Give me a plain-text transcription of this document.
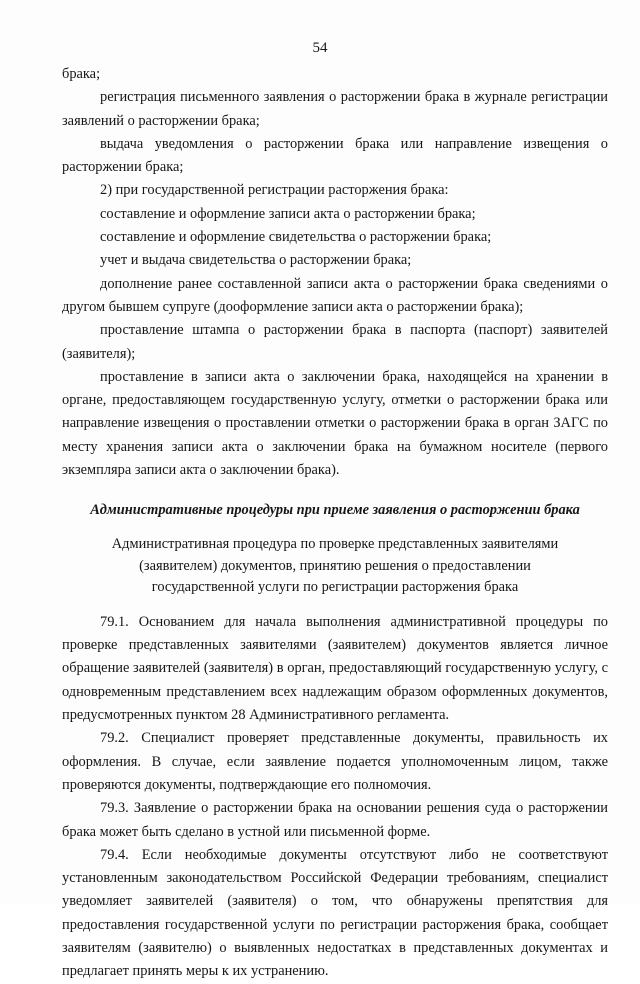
54

брака;

регистрация письменного заявления о расторжении брака в журнале регистрации заявлений о расторжении брака;

выдача уведомления о расторжении брака или направление извещения о расторжении брака;

2) при государственной регистрации расторжения брака:

составление и оформление записи акта о расторжении брака;

составление и оформление свидетельства о расторжении брака;

учет и выдача свидетельства о расторжении брака;

дополнение ранее составленной записи акта о расторжении брака сведениями о другом бывшем супруге (дооформление записи акта о расторжении брака);

проставление штампа о расторжении брака в паспорта (паспорт) заявителей (заявителя);

проставление в записи акта о заключении брака, находящейся на хранении в органе, предоставляющем государственную услугу, отметки о расторжении брака или направление извещения о проставлении отметки о расторжении брака в орган ЗАГС по месту хранения записи акта о заключении брака на бумажном носителе (первого экземпляра записи акта о заключении брака).

Административные процедуры при приеме заявления о расторжении брака

Административная процедура по проверке представленных заявителями (заявителем) документов, принятию решения о предоставлении государственной услуги по регистрации расторжения брака

79.1. Основанием для начала выполнения административной процедуры по проверке представленных заявителями (заявителем) документов является личное обращение заявителей (заявителя) в орган, предоставляющий государственную услугу, с одновременным представлением всех надлежащим образом оформленных документов, предусмотренных пунктом 28 Административного регламента.

79.2. Специалист проверяет представленные документы, правильность их оформления. В случае, если заявление подается уполномоченным лицом, также проверяются документы, подтверждающие его полномочия.

79.3. Заявление о расторжении брака на основании решения суда о расторжении брака может быть сделано в устной или письменной форме.

79.4. Если необходимые документы отсутствуют либо не соответствуют установленным законодательством Российской Федерации требованиям, специалист уведомляет заявителей (заявителя) о том, что обнаружены препятствия для предоставления государственной услуги по регистрации расторжения брака, сообщает заявителям (заявителю) о выявленных недостатках в представленных документах и предлагает принять меры к их устранению.
